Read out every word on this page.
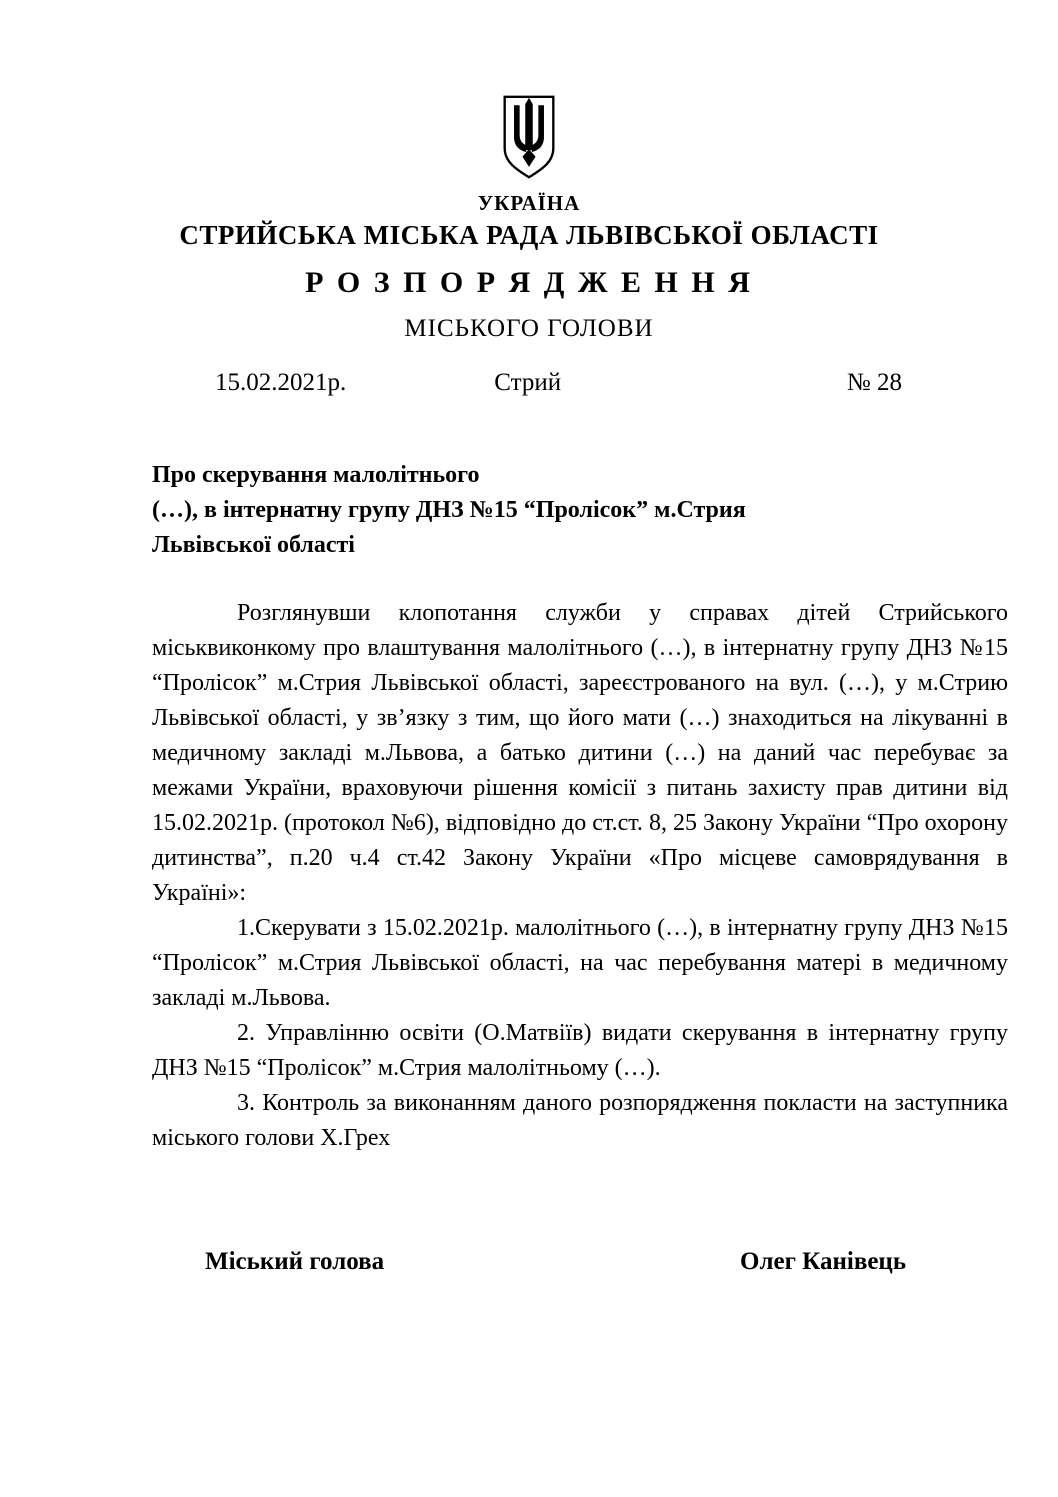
УКРАЇНА
СТРИЙСЬКА МІСЬКА РАДА ЛЬВІВСЬКОЇ ОБЛАСТІ
Р О З П О Р Я Д Ж Е Н Н Я
МІСЬКОГО ГОЛОВИ
15.02.2021р.	Стрий	№ 28
Про скерування малолітнього
(…), в інтернатну групу ДНЗ №15 “Пролісок” м.Стрия
Львівської області

Розглянувши клопотання служби у справах дітей Стрийського міськвиконкому про влаштування малолітнього (…), в інтернатну групу ДНЗ №15 “Пролісок” м.Стрия Львівської області, зареєстрованого на вул. (…), у м.Стрию Львівської області, у зв’язку з тим, що його мати (…) знаходиться на лікуванні в медичному закладі м.Львова, а батько дитини (…) на даний час перебуває за межами України, враховуючи рішення комісії з питань захисту прав дитини від 15.02.2021р. (протокол №6), відповідно до ст.ст. 8, 25 Закону України “Про охорону дитинства”, п.20 ч.4 ст.42 Закону України «Про місцеве самоврядування в Україні»:

1.Скерувати з 15.02.2021р. малолітнього (…), в інтернатну групу ДНЗ №15 “Пролісок” м.Стрия Львівської області, на час перебування матері в медичному закладі м.Львова.

2. Управлінню освіти (О.Матвіїв) видати скерування в інтернатну групу ДНЗ №15 “Пролісок” м.Стрия малолітньому (…).

3. Контроль за виконанням даного розпорядження покласти на заступника міського голови Х.Грех

Міський голова	Олег Канівець
